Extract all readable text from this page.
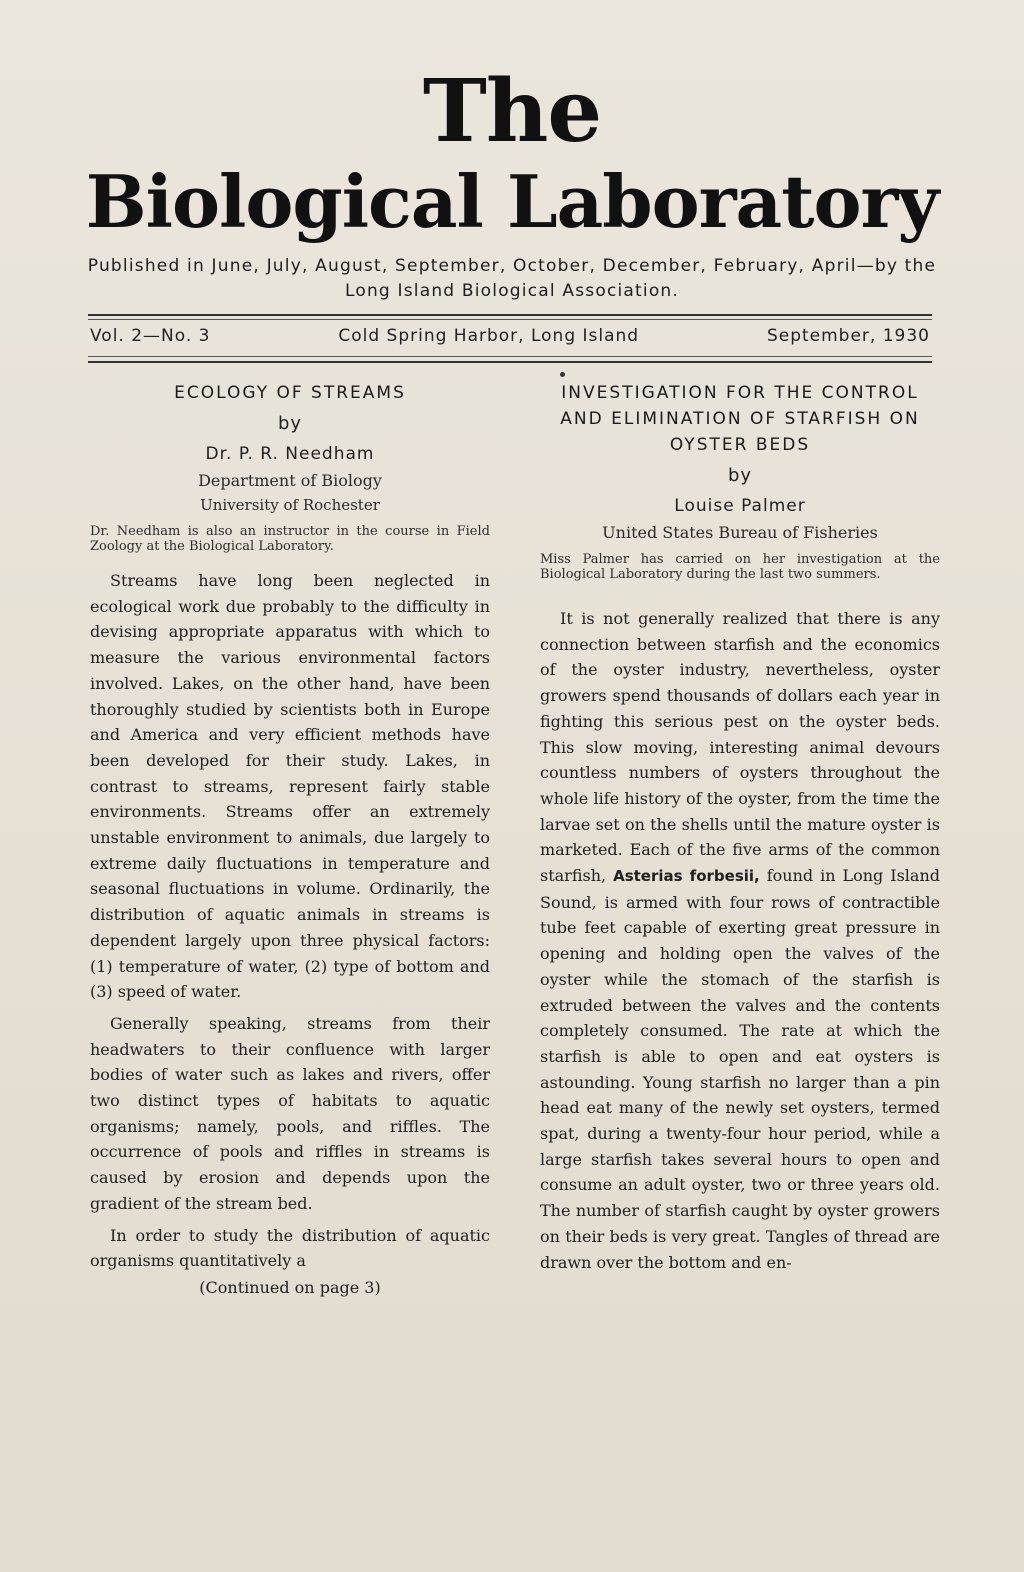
The
Biological Laboratory
Published in June, July, August, September, October, December, February, April—by the Long Island Biological Association.
Vol. 2—No. 3	Cold Spring Harbor, Long Island	September, 1930
ECOLOGY OF STREAMS
by
Dr. P. R. Needham
Department of Biology
University of Rochester
Dr. Needham is also an instructor in the course in Field Zoology at the Biological Laboratory.

Streams have long been neglected in ecological work due probably to the difficulty in devising appropriate apparatus with which to measure the various environmental factors involved. Lakes, on the other hand, have been thoroughly studied by scientists both in Europe and America and very efficient methods have been developed for their study. Lakes, in contrast to streams, represent fairly stable environments. Streams offer an extremely unstable environment to animals, due largely to extreme daily fluctuations in temperature and seasonal fluctuations in volume. Ordinarily, the distribution of aquatic animals in streams is dependent largely upon three physical factors: (1) temperature of water, (2) type of bottom and (3) speed of water.

Generally speaking, streams from their headwaters to their confluence with larger bodies of water such as lakes and rivers, offer two distinct types of habitats to aquatic organisms; namely, pools, and riffles. The occurrence of pools and riffles in streams is caused by erosion and depends upon the gradient of the stream bed.

In order to study the distribution of aquatic organisms quantitatively a

(Continued on page 3)
INVESTIGATION FOR THE CONTROL AND ELIMINATION OF STARFISH ON OYSTER BEDS
by
Louise Palmer
United States Bureau of Fisheries
Miss Palmer has carried on her investigation at the Biological Laboratory during the last two summers.

It is not generally realized that there is any connection between starfish and the economics of the oyster industry, nevertheless, oyster growers spend thousands of dollars each year in fighting this serious pest on the oyster beds. This slow moving, interesting animal devours countless numbers of oysters throughout the whole life history of the oyster, from the time the larvae set on the shells until the mature oyster is marketed. Each of the five arms of the common starfish, Asterias forbesii, found in Long Island Sound, is armed with four rows of contractible tube feet capable of exerting great pressure in opening and holding open the valves of the oyster while the stomach of the starfish is extruded between the valves and the contents completely consumed. The rate at which the starfish is able to open and eat oysters is astounding. Young starfish no larger than a pin head eat many of the newly set oysters, termed spat, during a twenty-four hour period, while a large starfish takes several hours to open and consume an adult oyster, two or three years old. The number of starfish caught by oyster growers on their beds is very great. Tangles of thread are drawn over the bottom and en-
